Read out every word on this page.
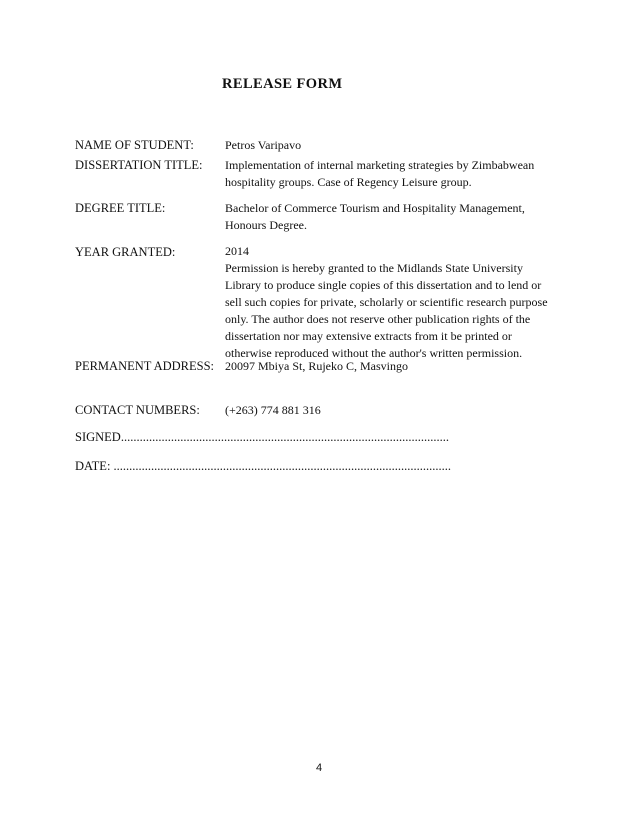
RELEASE FORM
NAME OF STUDENT:	Petros Varipavo
DISSERTATION TITLE: Implementation of internal marketing strategies by Zimbabwean
hospitality groups. Case of Regency Leisure group.
DEGREE TITLE:	Bachelor of Commerce Tourism and Hospitality Management,
Honours Degree.
YEAR GRANTED:	2014
Permission is hereby granted to the Midlands State University
Library to produce single copies of this dissertation and to lend or
sell such copies for private, scholarly or scientific research purpose
only. The author does not reserve other publication rights of the
dissertation nor may extensive extracts from it be printed or
otherwise reproduced without the author's written permission.
PERMANENT ADDRESS: 20097 Mbiya St, Rujeko C, Masvingo
CONTACT NUMBERS: (+263) 774 881 316
SIGNED.........................................................................................................
DATE: ............................................................................................................
4
